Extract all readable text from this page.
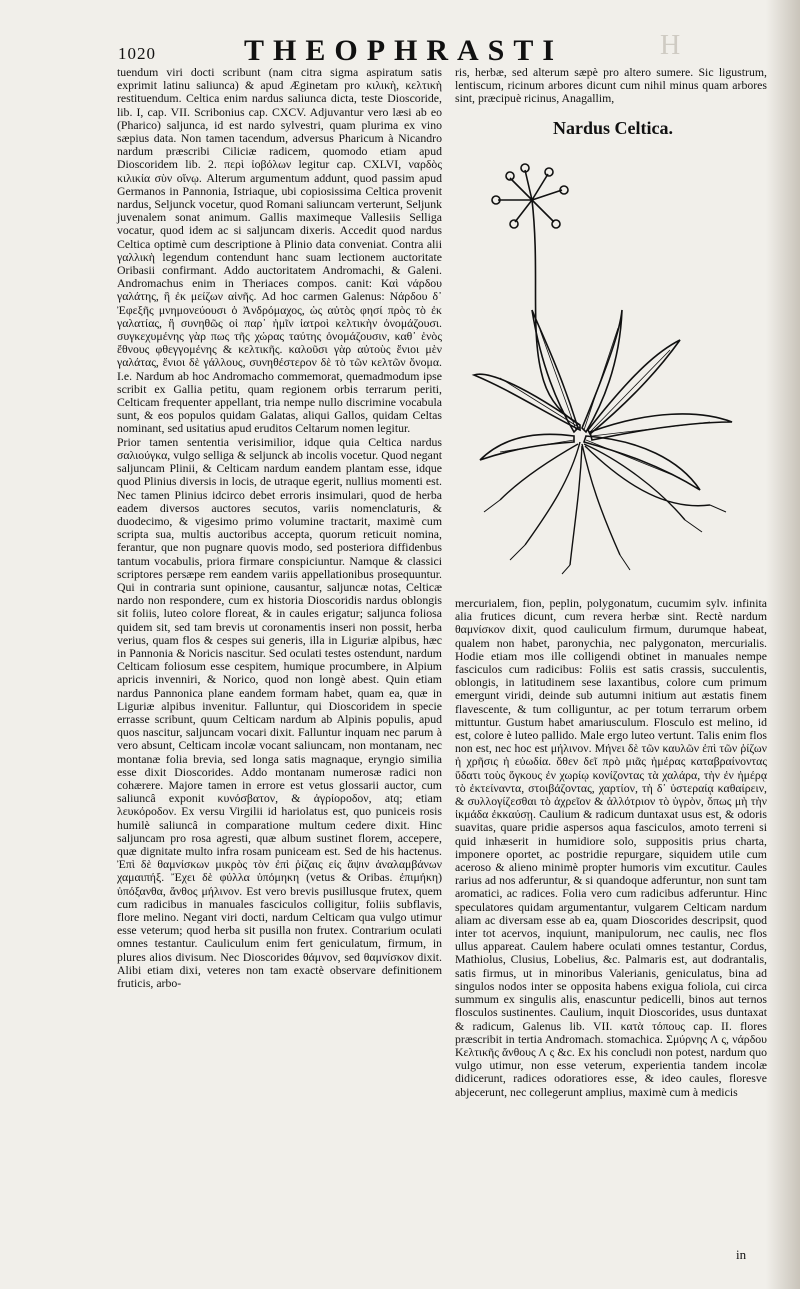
1020	THEOPHRASTI	H

tuendum viri docti scribunt (nam citra sigma aspiratum satis exprimit latinu saliunca) & apud Æginetam pro κιλικὴ, κελτικὴ restituendum. Celtica enim nardus saliunca dicta, teste Dioscoride, lib. I, cap. VII. Scribonius cap. CXCV. Adjuvantur vero læsi ab eo (Pharico) saljunca, id est nardo sylvestri, quam plurima ex vino sæpius data. Non tamen tacendum, adversus Pharicum à Nicandro nardum præscribi Ciliciæ radicem, quomodo etiam apud Dioscoridem lib. 2. περὶ ἰοβόλων legitur cap. CXLVI, ναρδὸς κιλικία σὺν οἴνῳ. Alterum argumentum addunt, quod passim apud Germanos in Pannonia, Istriaque, ubi copiosissima Celtica provenit nardus, Seljunck vocetur, quod Romani saliuncam verterunt, Seljunk juvenalem sonat animum. Gallis maximeque Vallesiis Selliga vocatur, quod idem ac si saljuncam dixeris. Accedit quod nardus Celtica optimè cum descriptione à Plinio data conveniat. Contra alii γαλλικὴ legendum contendunt hanc suam lectionem auctoritate Oribasii confirmant. Addo auctoritatem Andromachi, & Galeni. Andromachus enim in Theriaces compos. canit: Καὶ νάρδου γαλάτης, ἣ ἐκ μείζων αἰνῆς. Ad hoc carmen Galenus: Νάρδου δ᾽ Ἐφεξῆς μνημονεύουσι ὁ Ἀνδρόμαχος, ὡς αὐτὸς φησί πρὸς τὸ ἐκ γαλατίας, ἣ συνηθῶς οἱ παρ᾽ ἡμῖν ἰατροὶ κελτικὴν ὀνομάζουσι. συγκεχυμένης γὰρ πως τῆς χώρας ταύτης ὀνομάζουσιν, καθ᾽ ἑνὸς ἔθνους φθεγγομένης & κελτικῆς. καλοῦσι γὰρ αὐτοὺς ἔνιοι μὲν γαλάτας, ἔνιοι δὲ γάλλους, συνηθέστερον δὲ τὸ τῶν κελτῶν ὄνομα. I.e. Nardum ab hoc Andromacho commemorat, quemadmodum ipse scribit ex Gallia petitu, quam regionem orbis terrarum periti, Celticam frequenter appellant, tria nempe nullo discrimine vocabula sunt, & eos populos quidam Galatas, aliqui Gallos, quidam Celtas nominant, sed usitatius apud eruditos Celtarum nomen legitur.

Prior tamen sententia verisimilior, idque quia Celtica nardus σαλιούγκα, vulgo selliga & seljunck ab incolis vocetur. Quod negant saljuncam Plinii, & Celticam nardum eandem plantam esse, idque quod Plinius diversis in locis, de utraque egerit, nullius momenti est. Nec tamen Plinius idcirco debet erroris insimulari, quod de herba eadem diversos auctores secutos, variis nomenclaturis, & duodecimo, & vigesimo primo volumine tractarit, maximè cum scripta sua, multis auctoribus accepta, quorum reticuit nomina, ferantur, que non pugnare quovis modo, sed posteriora diffidenbus tantum vocabulis, priora firmare conspiciuntur. Namque & classici scriptores persæpe rem eandem variis appellationibus prosequuntur. Qui in contraria sunt opinione, causantur, saljuncæ notas, Celticæ nardo non respondere, cum ex historia Dioscoridis nardus oblongis sit foliis, luteo colore floreat, & in caules erigatur; saljunca foliosa quidem sit, sed tam brevis ut coronamentis inseri non possit, herba verius, quam flos & cespes sui generis, illa in Liguriæ alpibus, hæc in Pannonia & Noricis nascitur. Sed oculati testes ostendunt, nardum Celticam foliosum esse cespitem, humique procumbere, in Alpium apricis invenniri, & Norico, quod non longè abest. Quin etiam nardus Pannonica plane eandem formam habet, quam ea, quæ in Liguriæ alpibus invenitur. Falluntur, qui Dioscoridem in specie errasse scribunt, quum Celticam nardum ab Alpinis populis, apud quos nascitur, saljuncam vocari dixit. Falluntur inquam nec parum à vero absunt, Celticam incolæ vocant saliuncam, non montanam, nec montanæ folia brevia, sed longa satis magnaque, eryngio similia esse dixit Dioscorides. Addo montanam numerosæ radici non cohærere. Majore tamen in errore est vetus glossarii auctor, cum saliuncâ exponit κυνόσβατον, & ἀγρίοροδον, atq; etiam λευκόροδον. Ex versu Virgilii id hariolatus est, quo puniceis rosis humilè saliuncâ in comparatione multum cedere dixit. Hinc saljuncam pro rosa agresti, quæ album sustinet florem, accepere, quæ dignitate multo infra rosam puniceam est. Sed de his hactenus. Ἐπὶ δὲ θαμνίσκων μικρὸς τὸν ἐπὶ ῥίζαις εἰς ἄψιν ἀναλαμβάνων χαμαιπήξ. Ἔχει δὲ φύλλα ὑπόμηκη (vetus & Oribas. ἐπιμήκη) ὑπόξανθα, ἄνθος μήλινον. Est vero brevis pusillusque frutex, quem cum radicibus in manuales fasciculos colligitur, foliis subflavis, flore melino. Negant viri docti, nardum Celticam qua vulgo utimur esse veterum; quod herba sit pusilla non frutex. Contrarium oculati omnes testantur. Cauliculum enim fert geniculatum, firmum, in plures alios divisum. Nec Dioscorides θάμνον, sed θαμνίσκον dixit. Alibi etiam dixi, veteres non tam exactè observare definitionem fruticis, arbo-

ris, herbæ, sed alterum sæpè pro altero sumere. Sic ligustrum, lentiscum, ricinum arbores dicunt cum nihil minus quam arbores sint, præcipuè ricinus, Anagallim,
Nardus Celtica.

mercurialem, fion, peplin, polygonatum, cucumim sylv. infinita alia frutices dicunt, cum revera herbæ sint. Rectè nardum θαμνίσκον dixit, quod cauliculum firmum, durumque habeat, qualem non habet, paronychia, nec palygonaton, mercurialis. Hodie etiam mos ille colligendi obtinet in manuales nempe fasciculos cum radicibus: Foliis est satis crassis, succulentis, oblongis, in latitudinem sese laxantibus, colore cum primum emergunt viridi, deinde sub autumni initium aut æstatis finem flavescente, & tum colliguntur, ac per totum terrarum orbem mittuntur. Gustum habet amariusculum. Flosculo est melino, id est, colore è luteo pallido. Male ergo luteo vertunt. Talis enim flos non est, nec hoc est μήλινον. Μήνει δὲ τῶν καυλῶν ἐπὶ τῶν ῥίζων ἡ χρῆσις ἡ εὐωδία. ὅθεν δεῖ πρὸ μιᾶς ἡμέρας καταβραίνοντας ὕδατι τοὺς ὄγκους ἐν χωρίῳ κονίζοντας τὰ χαλάρα, τὴν ἐν ἡμέρᾳ τὸ ἐκτείναντα, στοιβάζοντας, χαρτίον, τὴ δ᾽ ὑστεραίᾳ καθαίρειν, & συλλογίζεσθαι τὸ ἀχρεῖον & ἀλλότριον τὸ ὑγρὸν, ὅπως μὴ τὴν ἰκμάδα ἐκκαύσῃ. Caulium & radicum duntaxat usus est, & odoris suavitas, quare pridie aspersos aqua fasciculos, amoto terreni si quid inhæserit in humidiore solo, suppositis prius charta, imponere oportet, ac postridie repurgare, siquidem utile cum aceroso & alieno minimè propter humoris vim excutitur. Caules rarius ad nos adferuntur, & si quandoque adferuntur, non sunt tam aromatici, ac radices. Folia vero cum radicibus adferuntur. Hinc speculatores quidam argumentantur, vulgarem Celticam nardum aliam ac diversam esse ab ea, quam Dioscorides descripsit, quod inter tot acervos, inquiunt, manipulorum, nec caulis, nec flos ullus appareat. Caulem habere oculati omnes testantur, Cordus, Mathiolus, Clusius, Lobelius, &c. Palmaris est, aut dodrantalis, satis firmus, ut in minoribus Valerianis, geniculatus, bina ad singulos nodos inter se opposita habens exigua foliola, cui circa summum ex singulis alis, enascuntur pedicelli, binos aut ternos flosculos sustinentes. Caulium, inquit Dioscorides, usus duntaxat & radicum, Galenus lib. VII. κατὰ τόπους cap. II. flores præscribit in tertia Andromach. stomachica. Σμύρνης Λ ς, νάρδου Κελτικῆς ἄνθους Λ ς &c. Ex his concludi non potest, nardum quo vulgo utimur, non esse veterum, experientia tandem incolæ didicerunt, radices odoratiores esse, & ideo caules, floresve abjecerunt, nec collegerunt amplius, maximè cum à medicis

in
